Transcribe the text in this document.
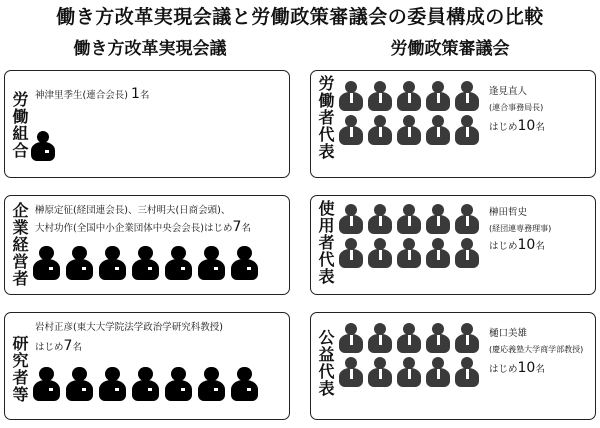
働き方改革実現会議と労働政策審議会の委員構成の比較
働き方改革実現会議	労働政策審議会
労働組合 神津里季生(連合会長) 1名
企業経営者 榊原定征(経団連会長)、三村明夫(日商会頭)、
大村功作(全国中小企業団体中央会会長)はじめ7名
研究者等
岩村正彦(東大大学院法学政治学研究科教授)
はじめ7名
労働者代表	逢見直人
(連合事務局長)
はじめ10名
使用者代表	榊田哲史
(経団連専務理事)
はじめ10名
公益代表	樋口美雄
(慶応義塾大学商学部教授)
はじめ10名
